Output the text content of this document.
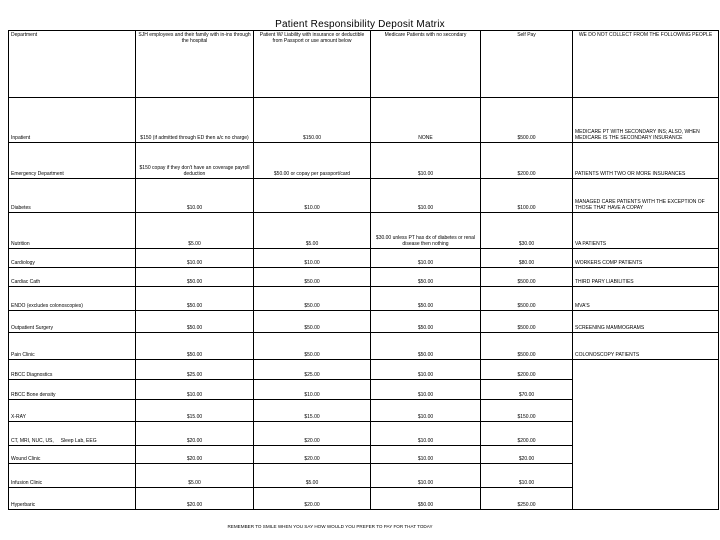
Patient Responsibility Deposit Matrix
Department	SJH employees and their family with in-ins through the hospital	Patient W/ Liability with insurance or deductible from Passport or use amount below	Medicare Patients with no secondary	Self Pay	WE DO NOT COLLECT FROM THE FOLLOWING PEOPLE
Inpatient	$150 (if admitted through ED then a/c no charge)	$150.00	NONE	$500.00	MEDICARE PT WITH SECONDARY INS; ALSO, WHEN MEDICARE IS THE SECONDARY INSURANCE
Emergency Department	$150 copay if they don't have an coverage payroll deduction	$50.00 or copay per passport/card	$10.00	$200.00	PATIENTS WITH TWO OR MORE INSURANCES
Diabetes	$10.00	$10.00	$10.00	$100.00	MANAGED CARE PATIENTS WITH THE EXCEPTION OF THOSE THAT HAVE A COPAY
Nutrition	$5.00	$5.00	$30.00 unless PT has dx of diabetes or renal disease then nothing	$30.00	VA PATIENTS
Cardiology	$10.00	$10.00	$10.00	$80.00	WORKERS COMP PATIENTS
Cardiac Cath	$50.00	$50.00	$50.00	$500.00	THIRD PARY LIABILITIES
ENDO (excludes colonoscopies)	$50.00	$50.00	$50.00	$500.00	MVA'S
Outpatient Surgery	$50.00	$50.00	$50.00	$500.00	SCREENING MAMMOGRAMS
Pain Clinic	$50.00	$50.00	$50.00	$500.00	COLONOSCOPY PATIENTS
RBCC Diagnostics	$25.00	$25.00	$10.00	$200.00	
RBCC Bone density	$10.00	$10.00	$10.00	$70.00	
X-RAY	$15.00	$15.00	$10.00	$150.00	
CT, MRI, NUC, US,     Sleep Lab, EEG	$20.00	$20.00	$10.00	$200.00	
Wound Clinic	$20.00	$20.00	$10.00	$20.00	
Infusion Clinic	$5.00	$5.00	$10.00	$10.00	
Hyperbaric	$20.00	$20.00	$50.00	$250.00	
REMEMBER TO SMILE WHEN YOU SAY HOW WOULD YOU PREFER TO PAY FOR THAT TODAY
